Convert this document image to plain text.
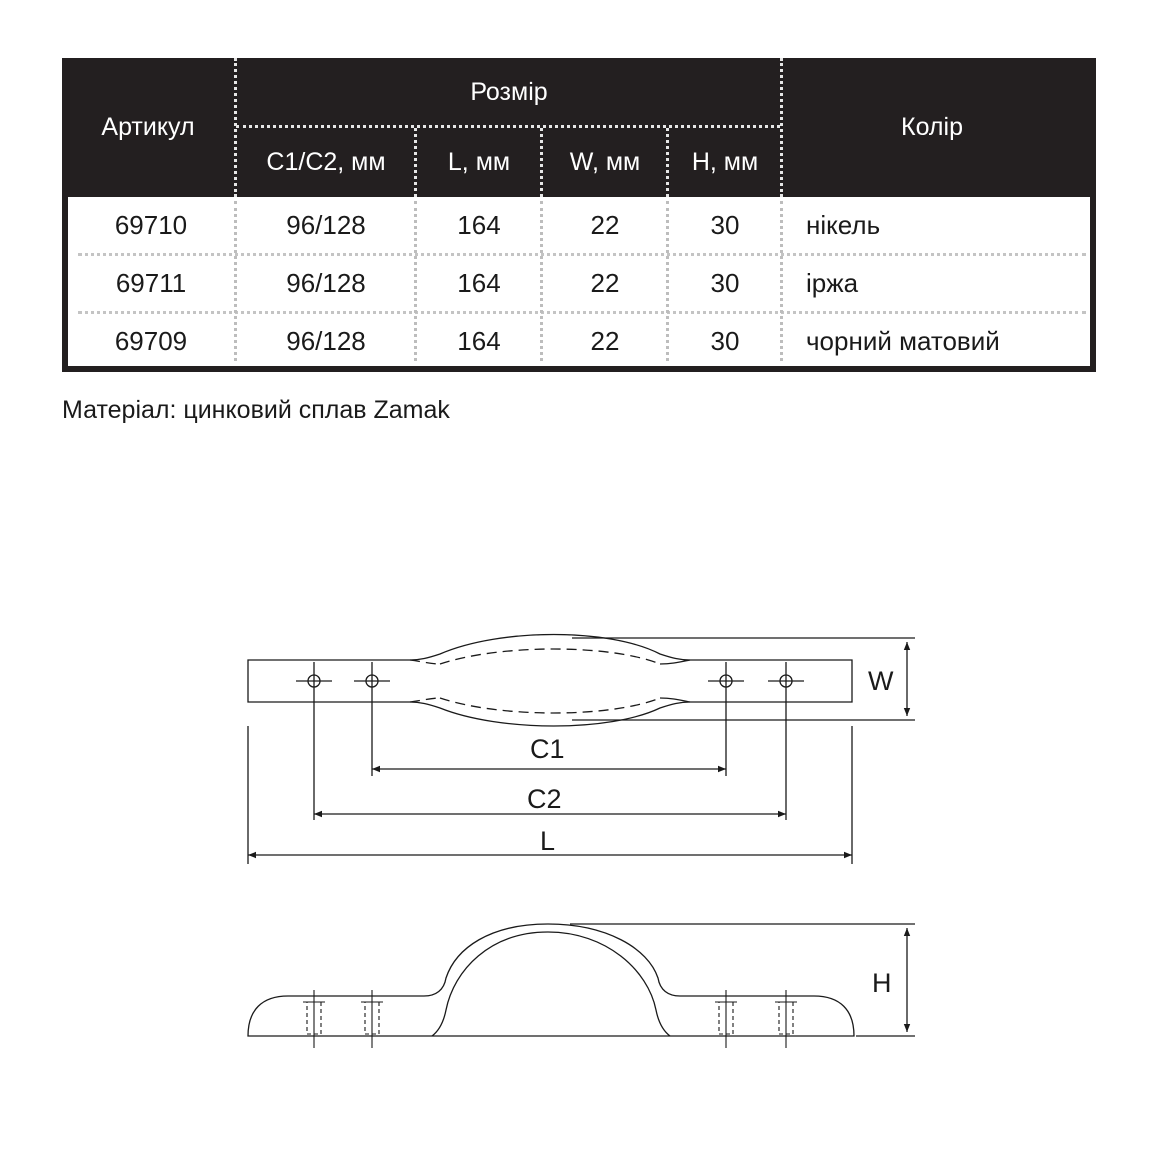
Артикул
Розмір
С1/С2, мм	L, мм	W, мм	H, мм
Колір
69710	96/128	164	22	30	нікель
69711	96/128	164	22	30	іржа
69709	96/128	164	22	30	чорний матовий
Матеріал: цинковий сплав Zamak
W
C1
C2
L
H
